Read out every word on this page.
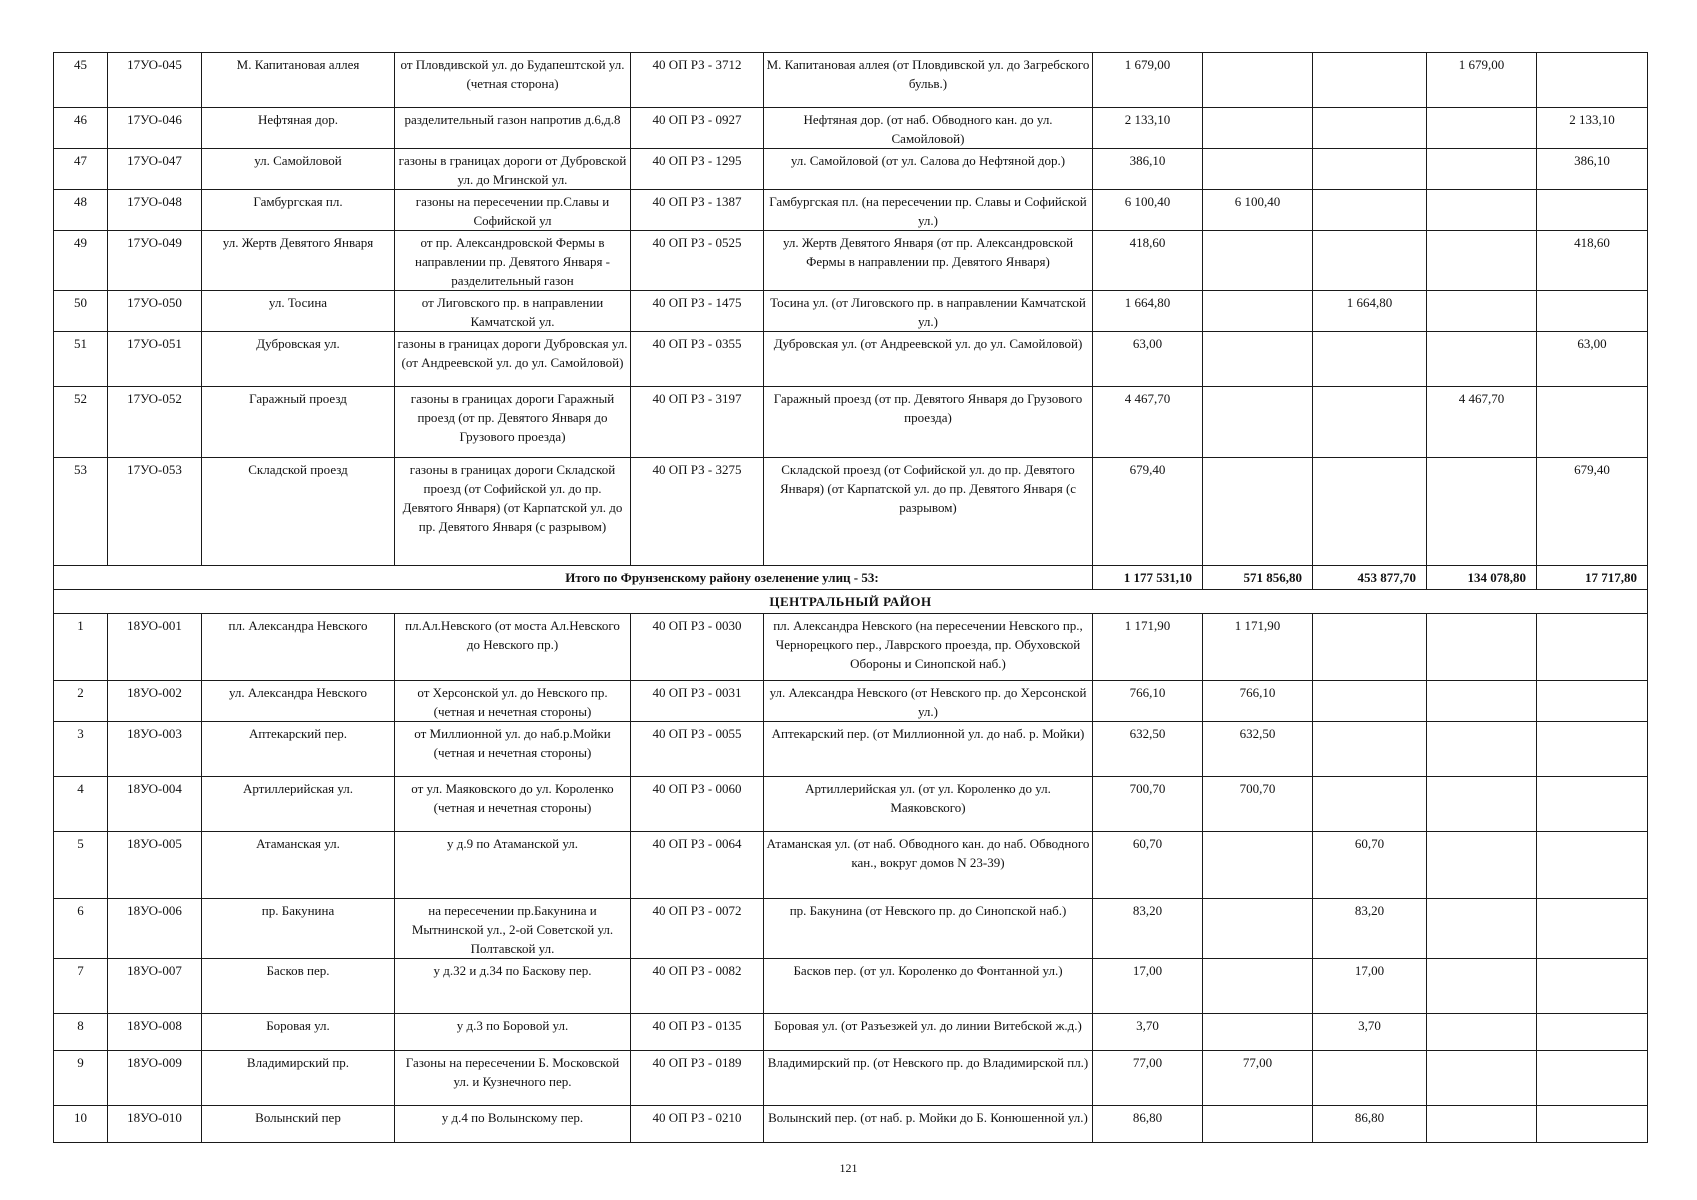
45	17УО-045	М. Капитановая аллея	от Пловдивской ул. до Будапештской ул. (четная сторона)	40 ОП РЗ - 3712	М. Капитановая аллея (от Пловдивской ул. до Загребского бульв.)	1 679,00			1 679,00	
46	17УО-046	Нефтяная дор.	разделительный газон напротив д.6,д.8	40 ОП РЗ - 0927	Нефтяная дор. (от наб. Обводного кан. до ул. Самойловой)	2 133,10				2 133,10
47	17УО-047	ул. Самойловой	газоны в границах дороги от Дубровской ул. до Мгинской ул.	40 ОП РЗ - 1295	ул. Самойловой (от ул. Салова до Нефтяной дор.)	386,10				386,10
48	17УО-048	Гамбургская пл.	газоны на пересечении пр.Славы и Софийской ул	40 ОП РЗ - 1387	Гамбургская пл. (на пересечении пр. Славы и Софийской ул.)	6 100,40	6 100,40			
49	17УО-049	ул. Жертв Девятого Января	от пр. Александровской Фермы в направлении пр. Девятого Января - разделительный газон	40 ОП РЗ - 0525	ул. Жертв Девятого Января (от пр. Александровской Фермы в направлении пр. Девятого Января)	418,60				418,60
50	17УО-050	ул. Тосина	от Лиговского пр. в направлении Камчатской ул.	40 ОП РЗ - 1475	Тосина ул. (от Лиговского пр. в направлении Камчатской ул.)	1 664,80		1 664,80		
51	17УО-051	Дубровская ул.	газоны в границах дороги Дубровская ул. (от Андреевской ул. до ул. Самойловой)	40 ОП РЗ - 0355	Дубровская ул. (от Андреевской ул. до ул. Самойловой)	63,00				63,00
52	17УО-052	Гаражный проезд	газоны в границах дороги Гаражный проезд (от пр. Девятого Января до Грузового проезда)	40 ОП РЗ - 3197	Гаражный проезд (от пр. Девятого Января до Грузового проезда)	4 467,70			4 467,70	
53	17УО-053	Складской проезд	газоны в границах дороги Складской проезд (от Софийской ул. до пр. Девятого Января) (от Карпатской ул. до пр. Девятого Января (с разрывом)	40 ОП РЗ - 3275	Складской проезд (от Софийской ул. до пр. Девятого Января) (от Карпатской ул. до пр. Девятого Января (с разрывом)	679,40				679,40
Итого по Фрунзенскому району озеленение улиц - 53:						1 177 531,10	571 856,80	453 877,70	134 078,80	17 717,80
ЦЕНТРАЛЬНЫЙ РАЙОН										
1	18УО-001	пл. Александра Невского	пл.Ал.Невского (от моста Ал.Невского до Невского пр.)	40 ОП РЗ - 0030	пл. Александра Невского (на пересечении Невского пр., Чернорецкого пер., Лаврского проезда, пр. Обуховской Обороны и Синопской наб.)	1 171,90	1 171,90			
2	18УО-002	ул. Александра Невского	от Херсонской ул. до Невского пр. (четная и нечетная стороны)	40 ОП РЗ - 0031	ул. Александра Невского (от Невского пр. до Херсонской ул.)	766,10	766,10			
3	18УО-003	Аптекарский пер.	от Миллионной ул. до наб.р.Мойки (четная и нечетная стороны)	40 ОП РЗ - 0055	Аптекарский пер. (от Миллионной ул. до наб. р. Мойки)	632,50	632,50			
4	18УО-004	Артиллерийская ул.	от ул. Маяковского до ул. Короленко (четная и нечетная стороны)	40 ОП РЗ - 0060	Артиллерийская ул. (от ул. Короленко до ул. Маяковского)	700,70	700,70			
5	18УО-005	Атаманская ул.	у д.9 по Атаманской ул.	40 ОП РЗ - 0064	Атаманская ул. (от наб. Обводного кан. до наб. Обводного кан., вокруг домов N 23-39)	60,70		60,70		
6	18УО-006	пр. Бакунина	на пересечении пр.Бакунина и Мытнинской ул., 2-ой Советской ул. Полтавской ул.	40 ОП РЗ - 0072	пр. Бакунина (от Невского пр. до Синопской наб.)	83,20		83,20		
7	18УО-007	Басков пер.	у д.32 и д.34 по Баскову пер.	40 ОП РЗ - 0082	Басков пер. (от ул. Короленко до Фонтанной ул.)	17,00		17,00		
8	18УО-008	Боровая ул.	у д.3 по Боровой ул.	40 ОП РЗ - 0135	Боровая ул. (от Разъезжей ул. до линии Витебской ж.д.)	3,70		3,70		
9	18УО-009	Владимирский пр.	Газоны на пересечении Б. Московской ул. и Кузнечного пер.	40 ОП РЗ - 0189	Владимирский пр. (от Невского пр. до Владимирской пл.)	77,00	77,00			
10	18УО-010	Волынский пер	у д.4 по Волынскому пер.	40 ОП РЗ - 0210	Волынский пер. (от наб. р. Мойки до Б. Конюшенной ул.)	86,80		86,80		
121
